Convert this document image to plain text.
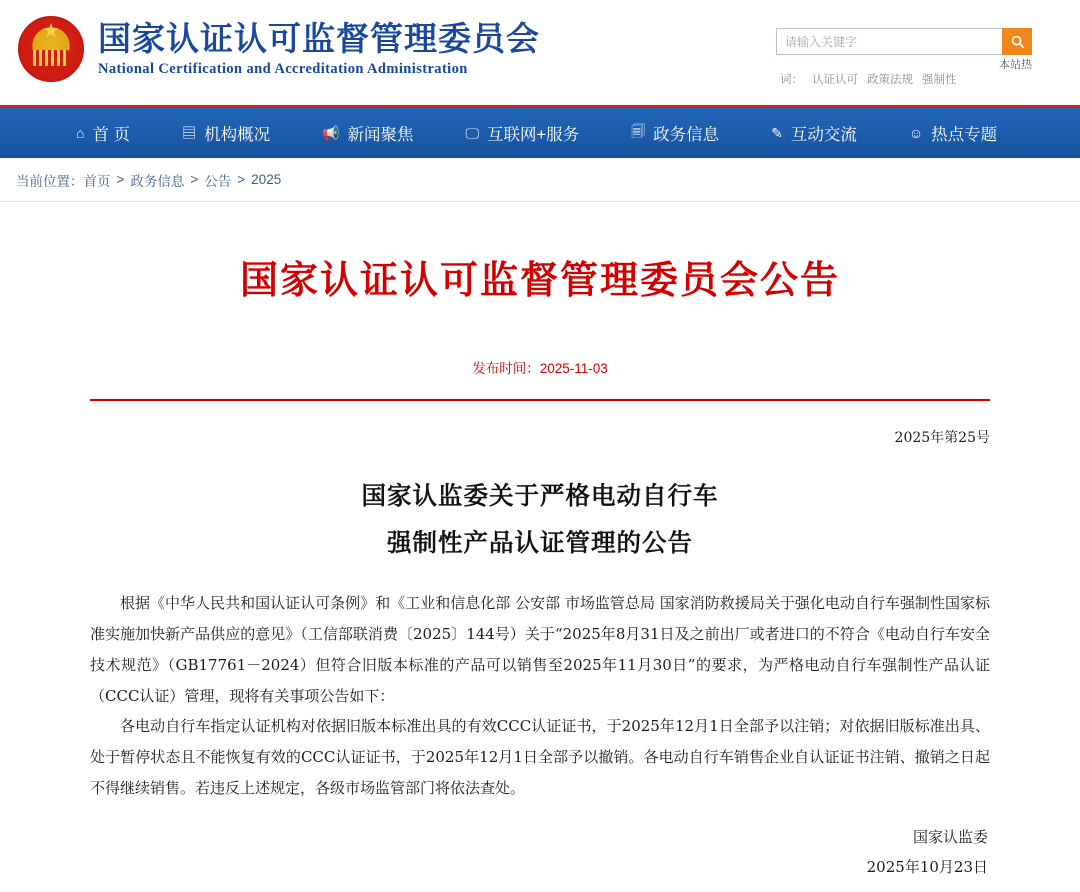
★
国家认证认可监督管理委员会
National Certification and Accreditation Administration
请输入关键字
词： 认证认可 政策法规 强制性
本站热
⌂ 首 页	▤ 机构概况	📢 新闻聚焦	🖵 互联网+服务	🗐 政务信息	✎ 互动交流	☺ 热点专题
当前位置： 首页 > 政务信息 > 公告 > 2025
国家认证认可监督管理委员会公告
发布时间：2025-11-03
2025年第25号
国家认监委关于严格电动自行车
强制性产品认证管理的公告

根据《中华人民共和国认证认可条例》和《工业和信息化部 公安部 市场监管总局 国家消防救援局关于强化电动自行车强制性国家标准实施加快新产品供应的意见》（工信部联消费〔2025〕144号）关于“2025年8月31日及之前出厂或者进口的不符合《电动自行车安全技术规范》（GB17761－2024）但符合旧版本标准的产品可以销售至2025年11月30日”的要求，为严格电动自行车强制性产品认证（CCC认证）管理，现将有关事项公告如下：

各电动自行车指定认证机构对依据旧版本标准出具的有效CCC认证证书，于2025年12月1日全部予以注销；对依据旧版标准出具、处于暂停状态且不能恢复有效的CCC认证证书，于2025年12月1日全部予以撤销。各电动自行车销售企业自认证证书注销、撤销之日起不得继续销售。若违反上述规定，各级市场监管部门将依法查处。

国家认监委
2025年10月23日
